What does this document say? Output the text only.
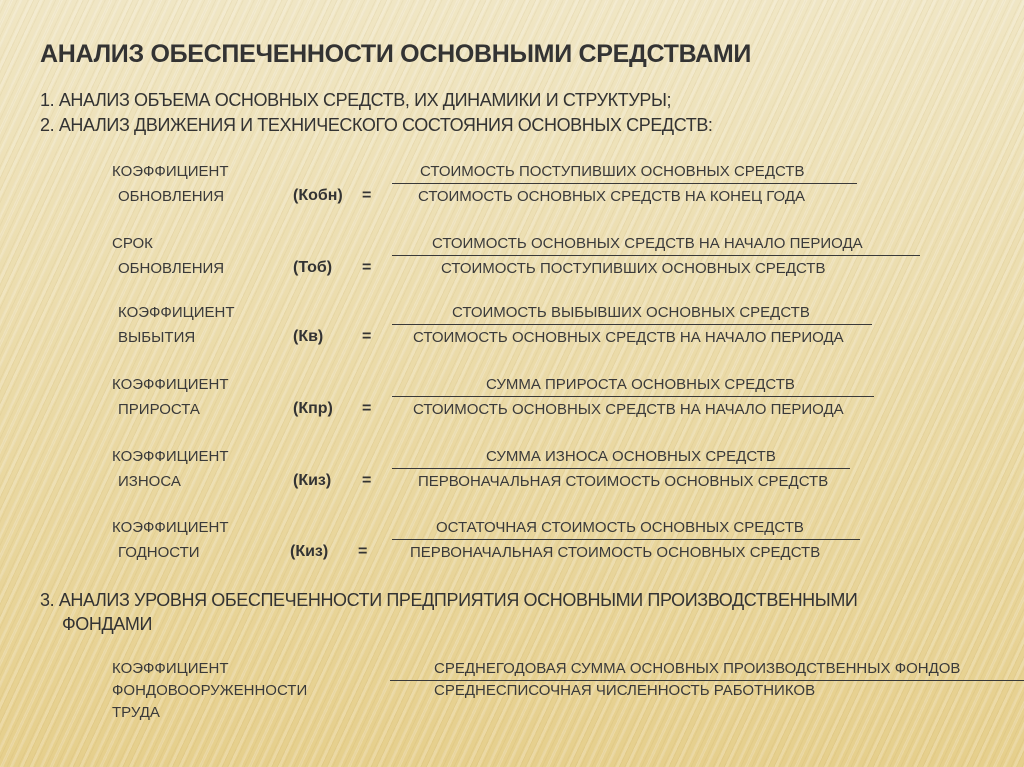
АНАЛИЗ ОБЕСПЕЧЕННОСТИ ОСНОВНЫМИ СРЕДСТВАМИ
1. АНАЛИЗ ОБЪЕМА ОСНОВНЫХ СРЕДСТВ, ИХ ДИНАМИКИ И СТРУКТУРЫ;
2. АНАЛИЗ ДВИЖЕНИЯ И ТЕХНИЧЕСКОГО СОСТОЯНИЯ ОСНОВНЫХ СРЕДСТВ:
КОЭФФИЦИЕНТ
ОБНОВЛЕНИЯ	(Кобн) =
СТОИМОСТЬ ПОСТУПИВШИХ ОСНОВНЫХ СРЕДСТВ
СТОИМОСТЬ ОСНОВНЫХ СРЕДСТВ НА КОНЕЦ ГОДА
СРОК
ОБНОВЛЕНИЯ	(Тоб) =
СТОИМОСТЬ ОСНОВНЫХ СРЕДСТВ НА НАЧАЛО ПЕРИОДА
СТОИМОСТЬ ПОСТУПИВШИХ ОСНОВНЫХ СРЕДСТВ
КОЭФФИЦИЕНТ
ВЫБЫТИЯ	(Кв) =
СТОИМОСТЬ ВЫБЫВШИХ ОСНОВНЫХ СРЕДСТВ
СТОИМОСТЬ ОСНОВНЫХ СРЕДСТВ НА НАЧАЛО ПЕРИОДА
КОЭФФИЦИЕНТ
ПРИРОСТА	(Кпр) =
СУММА ПРИРОСТА ОСНОВНЫХ СРЕДСТВ
СТОИМОСТЬ ОСНОВНЫХ СРЕДСТВ НА НАЧАЛО ПЕРИОДА
КОЭФФИЦИЕНТ
ИЗНОСА	(Киз) =
СУММА ИЗНОСА ОСНОВНЫХ СРЕДСТВ
ПЕРВОНАЧАЛЬНАЯ СТОИМОСТЬ ОСНОВНЫХ СРЕДСТВ
КОЭФФИЦИЕНТ
ГОДНОСТИ	(Киз) =
ОСТАТОЧНАЯ СТОИМОСТЬ ОСНОВНЫХ СРЕДСТВ
ПЕРВОНАЧАЛЬНАЯ СТОИМОСТЬ ОСНОВНЫХ СРЕДСТВ
3. АНАЛИЗ УРОВНЯ ОБЕСПЕЧЕННОСТИ ПРЕДПРИЯТИЯ ОСНОВНЫМИ ПРОИЗВОДСТВЕННЫМИ
ФОНДАМИ
КОЭФФИЦИЕНТ
ФОНДОВООРУЖЕННОСТИ
ТРУДА
СРЕДНЕГОДОВАЯ СУММА ОСНОВНЫХ ПРОИЗВОДСТВЕННЫХ ФОНДОВ
СРЕДНЕСПИСОЧНАЯ ЧИСЛЕННОСТЬ РАБОТНИКОВ
